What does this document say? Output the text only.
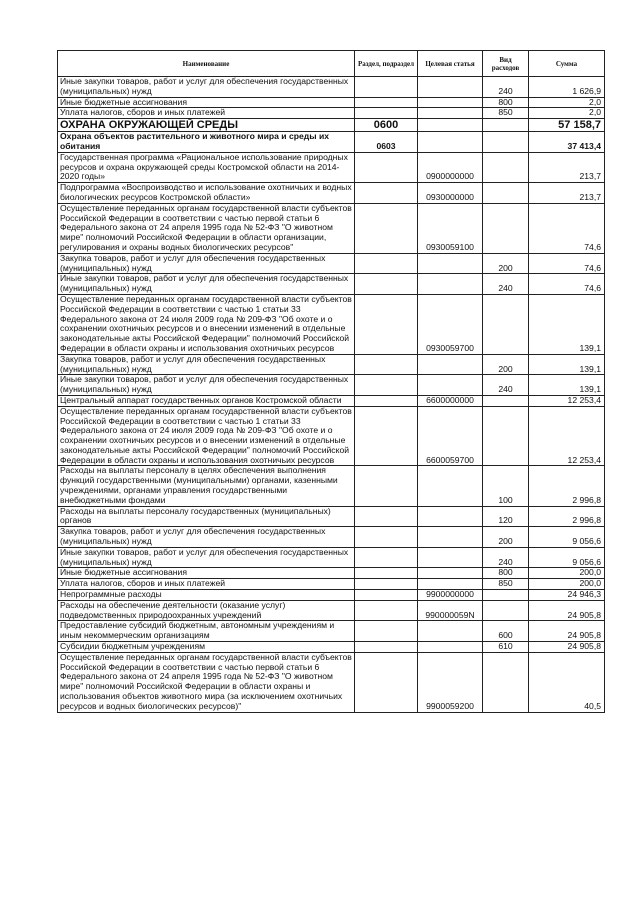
Наименование	Раздел, подраздел	Целевая статья	Вид расходов	Сумма
Иные закупки товаров, работ и услуг для обеспечения государственных (муниципальных) нужд			240	1 626,9
Иные бюджетные ассигнования			800	2,0
Уплата налогов, сборов и иных платежей			850	2,0
ОХРАНА ОКРУЖАЮЩЕЙ СРЕДЫ	0600			57 158,7
Охрана объектов растительного и животного мира и среды их обитания	0603			37 413,4
Государственная программа «Рациональное использование природных ресурсов и охрана окружающей среды Костромской области на 2014-2020 годы»		0900000000		213,7
Подпрограмма «Воспроизводство и использование охотничьих и водных биологических ресурсов Костромской области»		0930000000		213,7
Осуществление переданных органам государственной власти субъектов Российской Федерации в соответствии с частью первой статьи 6 Федерального закона от 24 апреля 1995 года № 52-ФЗ "О животном мире" полномочий Российской Федерации в области организации, регулирования и охраны водных биологических ресурсов"		0930059100		74,6
Закупка товаров, работ и услуг для обеспечения государственных (муниципальных) нужд			200	74,6
Иные закупки товаров, работ и услуг для обеспечения государственных (муниципальных) нужд			240	74,6
Осуществление переданных органам государственной власти субъектов Российской Федерации в соответствии с частью 1 статьи 33 Федерального закона от 24 июля 2009 года № 209-ФЗ "Об охоте и о сохранении охотничьих ресурсов и о внесении изменений в отдельные законодательные акты Российской Федерации" полномочий Российской Федерации в области охраны и использования охотничьих ресурсов		0930059700		139,1
Закупка товаров, работ и услуг для обеспечения государственных (муниципальных) нужд			200	139,1
Иные закупки товаров, работ и услуг для обеспечения государственных (муниципальных) нужд			240	139,1
Центральный аппарат государственных органов Костромской области		6600000000		12 253,4
Осуществление переданных органам государственной власти субъектов Российской Федерации в соответствии с частью 1 статьи 33 Федерального закона от 24 июля 2009 года № 209-ФЗ "Об охоте и о сохранении охотничьих ресурсов и о внесении изменений в отдельные законодательные акты Российской Федерации" полномочий Российской Федерации в области охраны и использования охотничьих ресурсов		6600059700		12 253,4
Расходы на выплаты персоналу в целях обеспечения выполнения функций государственными (муниципальными) органами, казенными учреждениями, органами управления государственными внебюджетными фондами			100	2 996,8
Расходы на выплаты персоналу государственных (муниципальных) органов			120	2 996,8
Закупка товаров, работ и услуг для обеспечения государственных (муниципальных) нужд			200	9 056,6
Иные закупки товаров, работ и услуг для обеспечения государственных (муниципальных) нужд			240	9 056,6
Иные бюджетные ассигнования			800	200,0
Уплата налогов, сборов и иных платежей			850	200,0
Непрограммные расходы		9900000000		24 946,3
Расходы на обеспечение деятельности (оказание услуг) подведомственных природоохранных учреждений		990000059N		24 905,8
Предоставление субсидий бюджетным, автономным учреждениям и иным некоммерческим организациям			600	24 905,8
Субсидии бюджетным учреждениям			610	24 905,8
Осуществление переданных органам государственной власти субъектов Российской Федерации в соответствии с частью первой статьи 6 Федерального закона от 24 апреля 1995 года № 52-ФЗ "О животном мире" полномочий Российской Федерации в области охраны и использования объектов животного мира (за исключением охотничьих ресурсов и водных биологических ресурсов)"		9900059200		40,5
